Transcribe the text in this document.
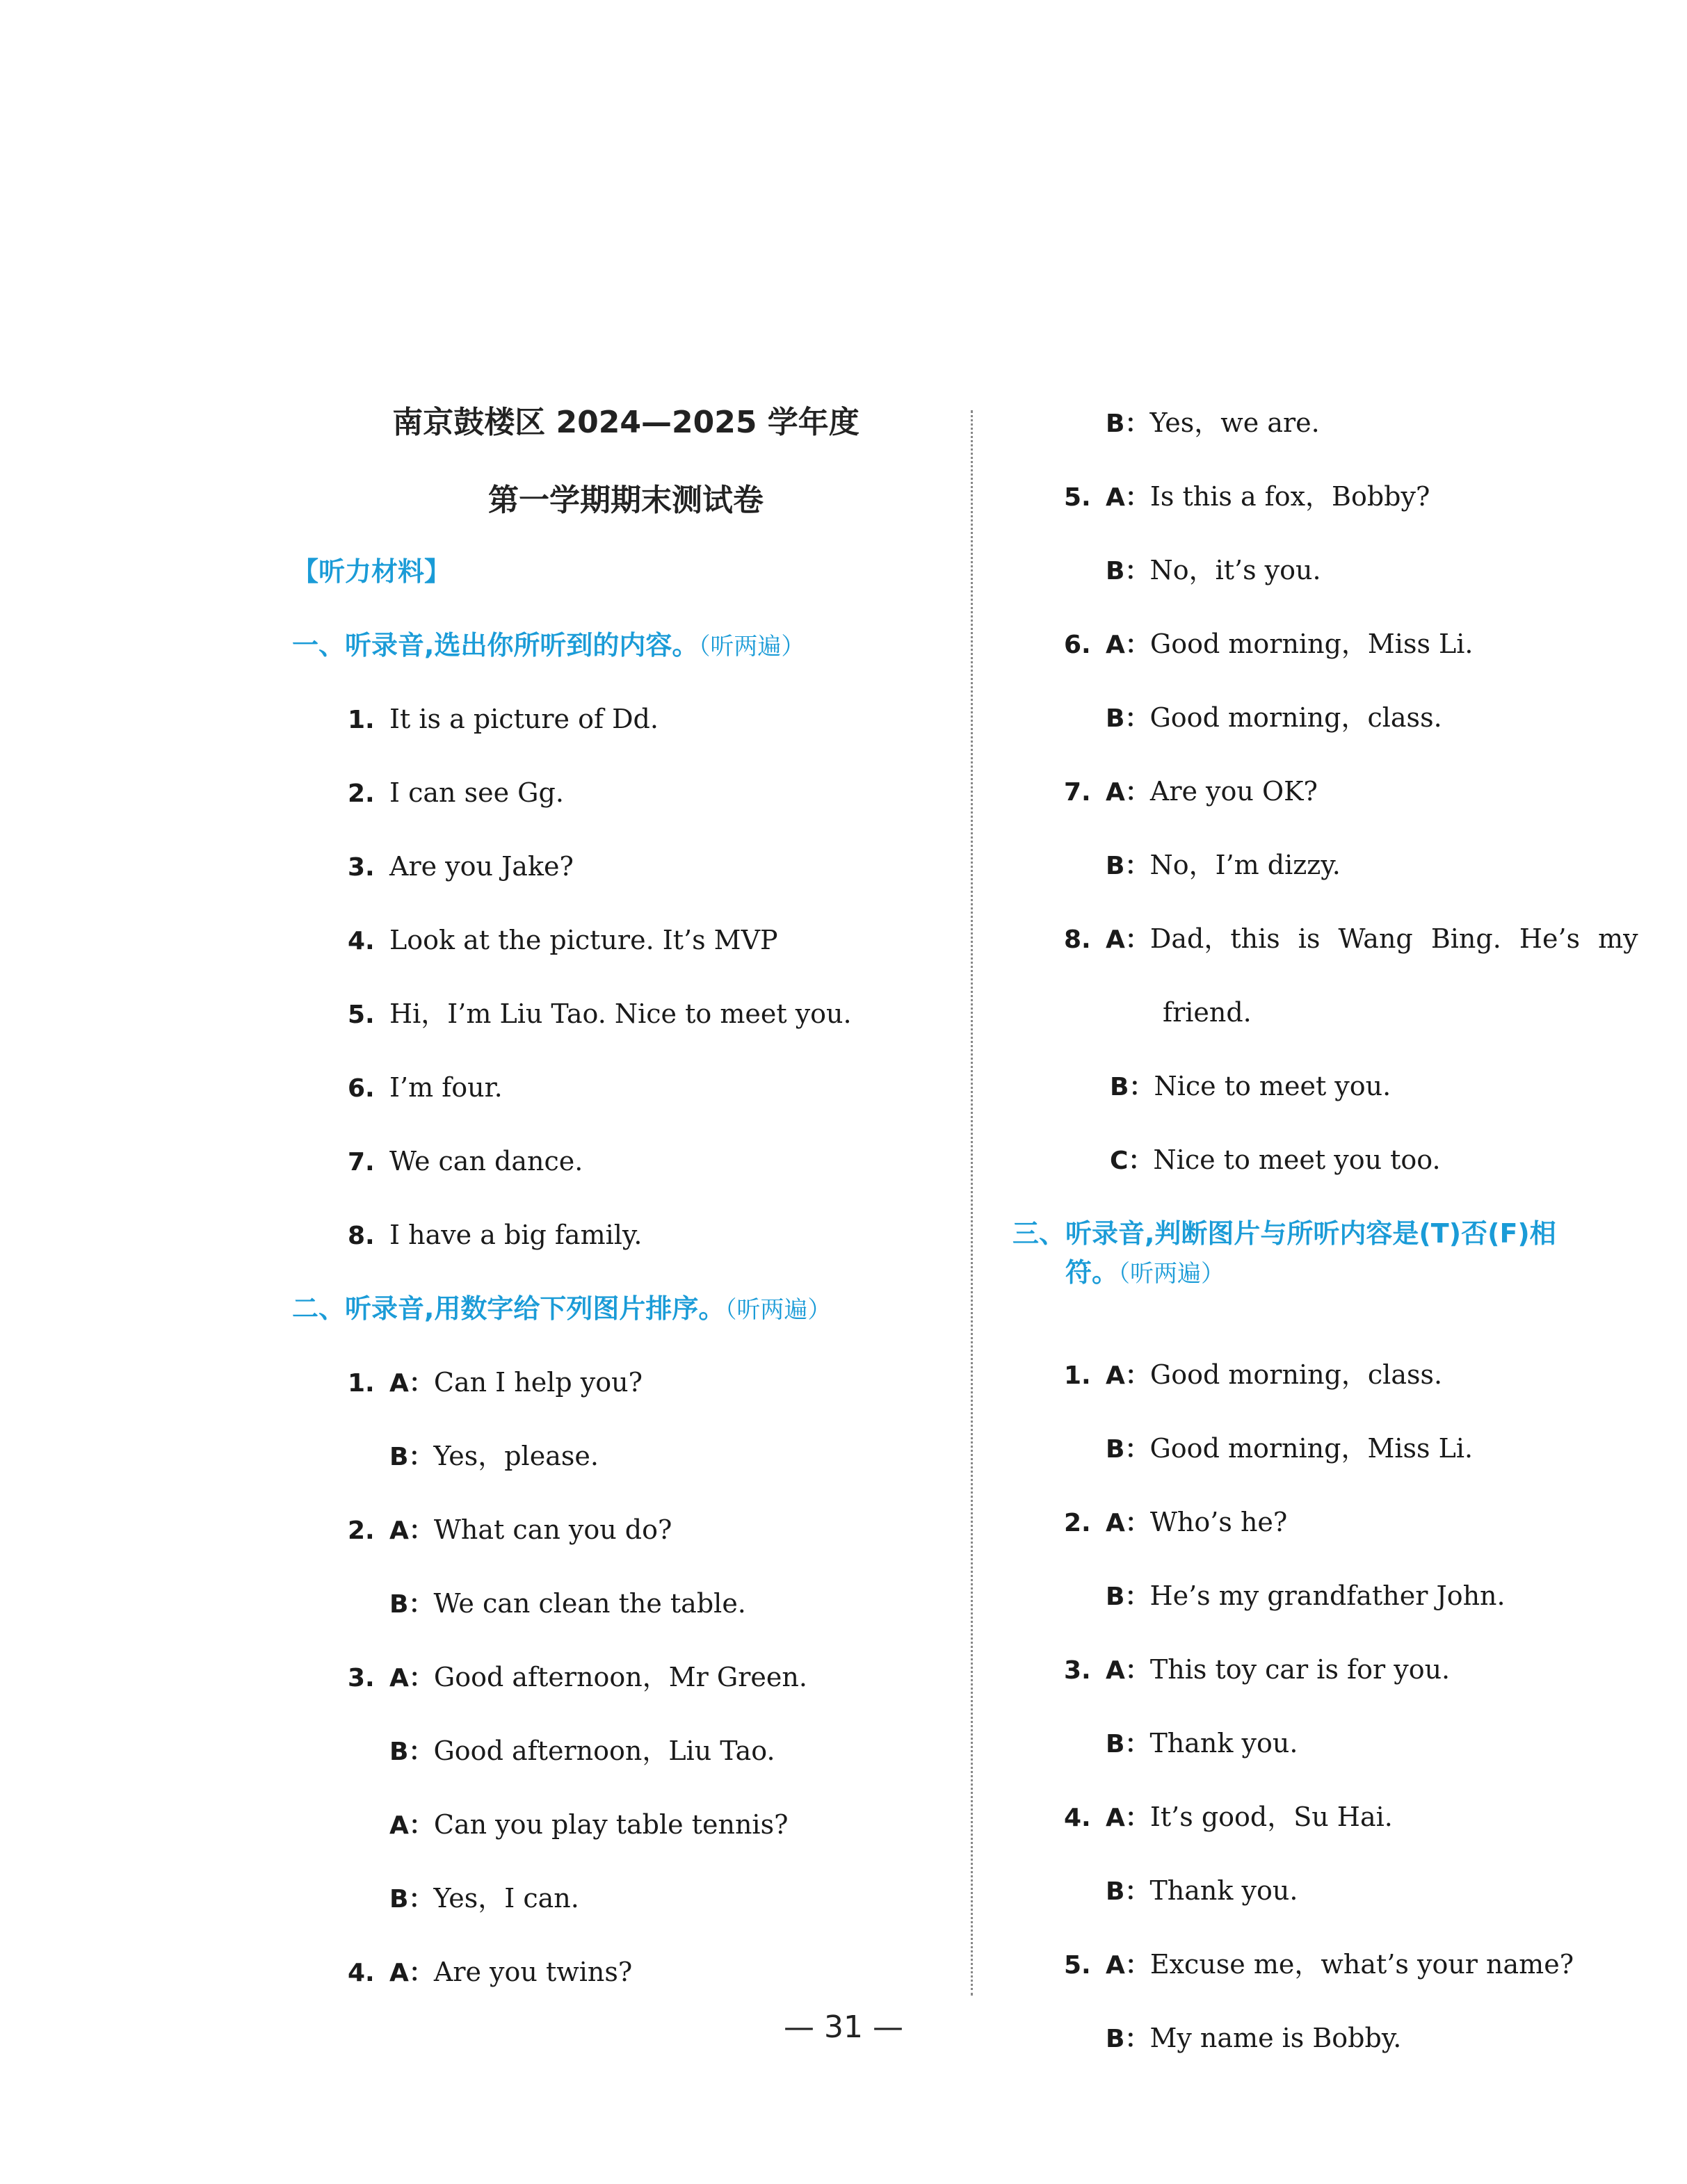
南京鼓楼区 2024—2025 学年度
第一学期期末测试卷
【听力材料】
一、听录音,选出你所听到的内容。（听两遍）
1. It is a picture of Dd.
2. I can see Gg.
3. Are you Jake?
4. Look at the picture. It’s MVP
5. Hi，I’m Liu Tao. Nice to meet you.
6. I’m four.
7. We can dance.
8. I have a big family.
二、听录音,用数字给下列图片排序。（听两遍）
1. A：Can I help you?
B：Yes，please.
2. A：What can you do?
B：We can clean the table.
3. A：Good afternoon，Mr Green.
B：Good afternoon，Liu Tao.
A：Can you play table tennis?
B：Yes，I can.
4. A：Are you twins?
B：Yes，we are.
5. A：Is this a fox，Bobby?
B：No，it’s you.
6. A：Good morning，Miss Li.
B：Good morning，class.
7. A：Are you OK?
B：No，I’m dizzy.
8. A：Dad，this is Wang Bing. He’s my
friend.
B：Nice to meet you.
C：Nice to meet you too.
三、听录音,判断图片与所听内容是(T)否(F)相
符。（听两遍）
1. A：Good morning，class.
B：Good morning，Miss Li.
2. A：Who’s he?
B：He’s my grandfather John.
3. A：This toy car is for you.
B：Thank you.
4. A：It’s good，Su Hai.
B：Thank you.
5. A：Excuse me，what’s your name?
B：My name is Bobby.
— 31 —
